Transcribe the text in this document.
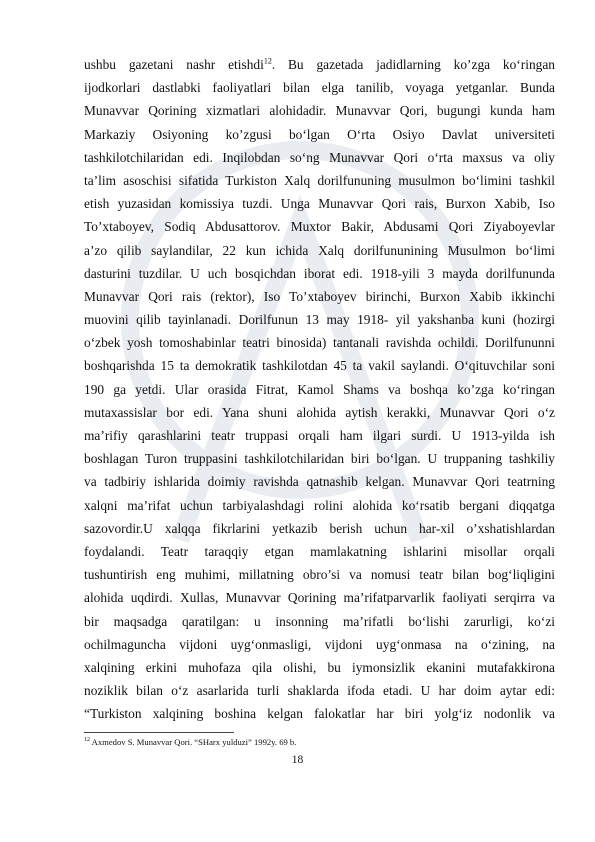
ushbu gazetani nashr etishdi$^{12}$. Bu gazetada jadidlarning ko’zga ko‘ringan
ijodkorlari dastlabki faoliyatlari bilan elga tanilib, voyaga yetganlar. Bunda
Munavvar Qorining xizmatlari alohidadir. Munavvar Qori, bugungi kunda ham
Markaziy Osiyoning ko’zgusi bo‘lgan O‘rta Osiyo Davlat universiteti
tashkilotchilaridan edi. Inqilobdan so‘ng Munavvar Qori o‘rta maxsus va oliy
ta’lim asoschisi sifatida Turkiston Xalq dorilfununing musulmon bo‘limini tashkil
etish yuzasidan komissiya tuzdi. Unga Munavvar Qori rais, Burxon Xabib, Iso
To’xtaboyev, Sodiq Abdusattorov. Muxtor Bakir, Abdusami Qori Ziyaboyevlar
a’zo qilib saylandilar, 22 kun ichida Xalq dorilfununining Musulmon bo‘limi
dasturini tuzdilar. U uch bosqichdan iborat edi. 1918-yili 3 mayda dorilfununda
Munavvar Qori rais (rektor), Iso To’xtaboyev birinchi, Burxon Xabib ikkinchi
muovini qilib tayinlanadi. Dorilfunun 13 may 1918- yil yakshanba kuni (hozirgi
o‘zbek yosh tomoshabinlar teatri binosida) tantanali ravishda ochildi. Dorilfununni
boshqarishda 15 ta demokratik tashkilotdan 45 ta vakil saylandi. O‘qituvchilar soni
190 ga yetdi. Ular orasida Fitrat, Kamol Shams va boshqa ko’zga ko‘ringan
mutaxassislar bor edi. Yana shuni alohida aytish kerakki, Munavvar Qori o‘z
ma’rifiy qarashlarini teatr truppasi orqali ham ilgari surdi. U 1913-yilda ish
boshlagan Turon truppasini tashkilotchilaridan biri bo‘lgan. U truppaning tashkiliy
va tadbiriy ishlarida doimiy ravishda qatnashib kelgan. Munavvar Qori teatrning
xalqni ma’rifat uchun tarbiyalashdagi rolini alohida ko‘rsatib bergani diqqatga
sazovordir.U xalqqa fikrlarini yetkazib berish uchun har-xil o’xshatishlardan
foydalandi. Teatr taraqqiy etgan mamlakatning ishlarini misollar orqali
tushuntirish eng muhimi, millatning obro’si va nomusi teatr bilan bog‘liqligini
alohida uqdirdi. Xullas, Munavvar Qorining ma’rifatparvarlik faoliyati serqirra va
bir maqsadga qaratilgan: u insonning ma’rifatli bo‘lishi zarurligi, ko‘zi
ochilmaguncha vijdoni uyg‘onmasligi, vijdoni uyg‘onmasa na o‘zining, na
xalqining erkini muhofaza qila olishi, bu iymonsizlik ekanini mutafakkirona
noziklik bilan o‘z asarlarida turli shaklarda ifoda etadi. U har doim aytar edi:
“Turkiston xalqining boshina kelgan falokatlar har biri yolg‘iz nodonlik va
$^{12}$ Axmedov S. Munavvar Qori. “SHarx yulduzi” 1992y. 69 b.
18
